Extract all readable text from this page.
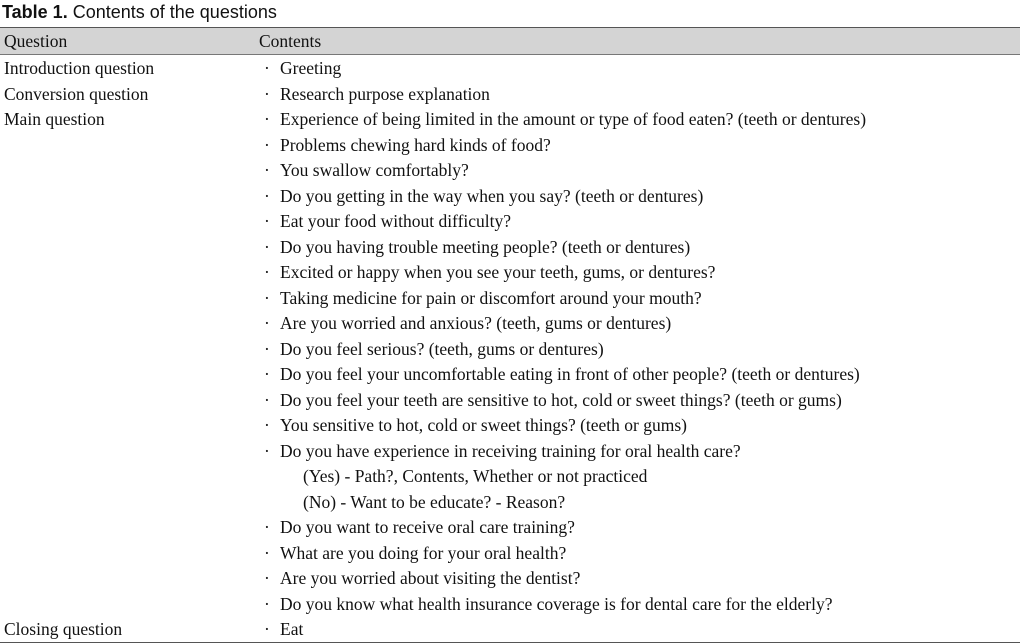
Table 1. Contents of the questions
Question	Contents
Introduction question	· Greeting
Conversion question	· Research purpose explanation
Main question	· Experience of being limited in the amount or type of food eaten? (teeth or dentures)
· Problems chewing hard kinds of food?
· You swallow comfortably?
· Do you getting in the way when you say? (teeth or dentures)
· Eat your food without difficulty?
· Do you having trouble meeting people? (teeth or dentures)
· Excited or happy when you see your teeth, gums, or dentures?
· Taking medicine for pain or discomfort around your mouth?
· Are you worried and anxious? (teeth, gums or dentures)
· Do you feel serious? (teeth, gums or dentures)
· Do you feel your uncomfortable eating in front of other people? (teeth or dentures)
· Do you feel your teeth are sensitive to hot, cold or sweet things? (teeth or gums)
· You sensitive to hot, cold or sweet things? (teeth or gums)
· Do you have experience in receiving training for oral health care?
(Yes) - Path?, Contents, Whether or not practiced
(No) - Want to be educate? - Reason?
· Do you want to receive oral care training?
· What are you doing for your oral health?
· Are you worried about visiting the dentist?
· Do you know what health insurance coverage is for dental care for the elderly?
Closing question	· Eat
